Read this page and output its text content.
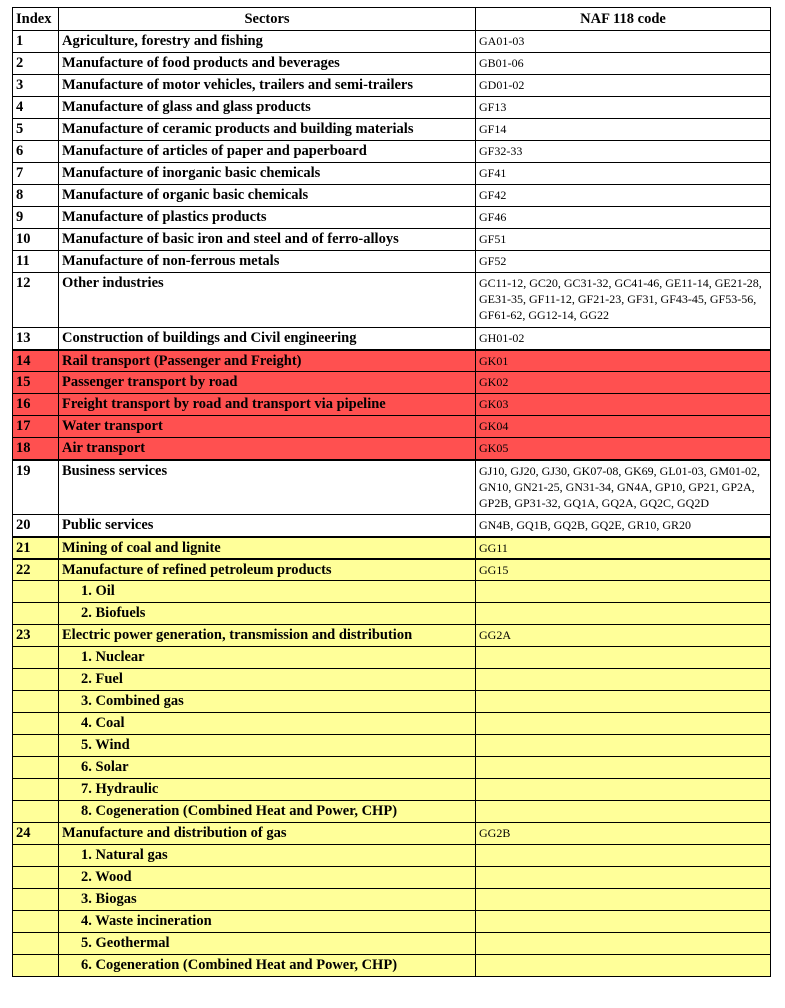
Index	Sectors	NAF 118 code
1	Agriculture, forestry and fishing	GA01-03
2	Manufacture of food products and beverages	GB01-06
3	Manufacture of motor vehicles, trailers and semi-trailers	GD01-02
4	Manufacture of glass and glass products	GF13
5	Manufacture of ceramic products and building materials	GF14
6	Manufacture of articles of paper and paperboard	GF32-33
7	Manufacture of inorganic basic chemicals	GF41
8	Manufacture of organic basic chemicals	GF42
9	Manufacture of plastics products	GF46
10	Manufacture of basic iron and steel and of ferro-alloys	GF51
11	Manufacture of non-ferrous metals	GF52
12	Other industries	GC11-12, GC20, GC31-32, GC41-46, GE11-14, GE21-28, GE31-35, GF11-12, GF21-23, GF31, GF43-45, GF53-56, GF61-62, GG12-14, GG22
13	Construction of buildings and Civil engineering	GH01-02
14	Rail transport (Passenger and Freight)	GK01
15	Passenger transport by road	GK02
16	Freight transport by road and transport via pipeline	GK03
17	Water transport	GK04
18	Air transport	GK05
19	Business services	GJ10, GJ20, GJ30, GK07-08, GK69, GL01-03, GM01-02, GN10, GN21-25, GN31-34, GN4A, GP10, GP21, GP2A, GP2B, GP31-32, GQ1A, GQ2A, GQ2C, GQ2D
20	Public services	GN4B, GQ1B, GQ2B, GQ2E, GR10, GR20
21	Mining of coal and lignite	GG11
22	Manufacture of refined petroleum products	GG15
	1. Oil	
	2. Biofuels	
23	Electric power generation, transmission and distribution	GG2A
	1. Nuclear	
	2. Fuel	
	3. Combined gas	
	4. Coal	
	5. Wind	
	6. Solar	
	7. Hydraulic	
	8. Cogeneration (Combined Heat and Power, CHP)	
24	Manufacture and distribution of gas	GG2B
	1. Natural gas	
	2. Wood	
	3. Biogas	
	4. Waste incineration	
	5. Geothermal	
	6. Cogeneration (Combined Heat and Power, CHP)	
